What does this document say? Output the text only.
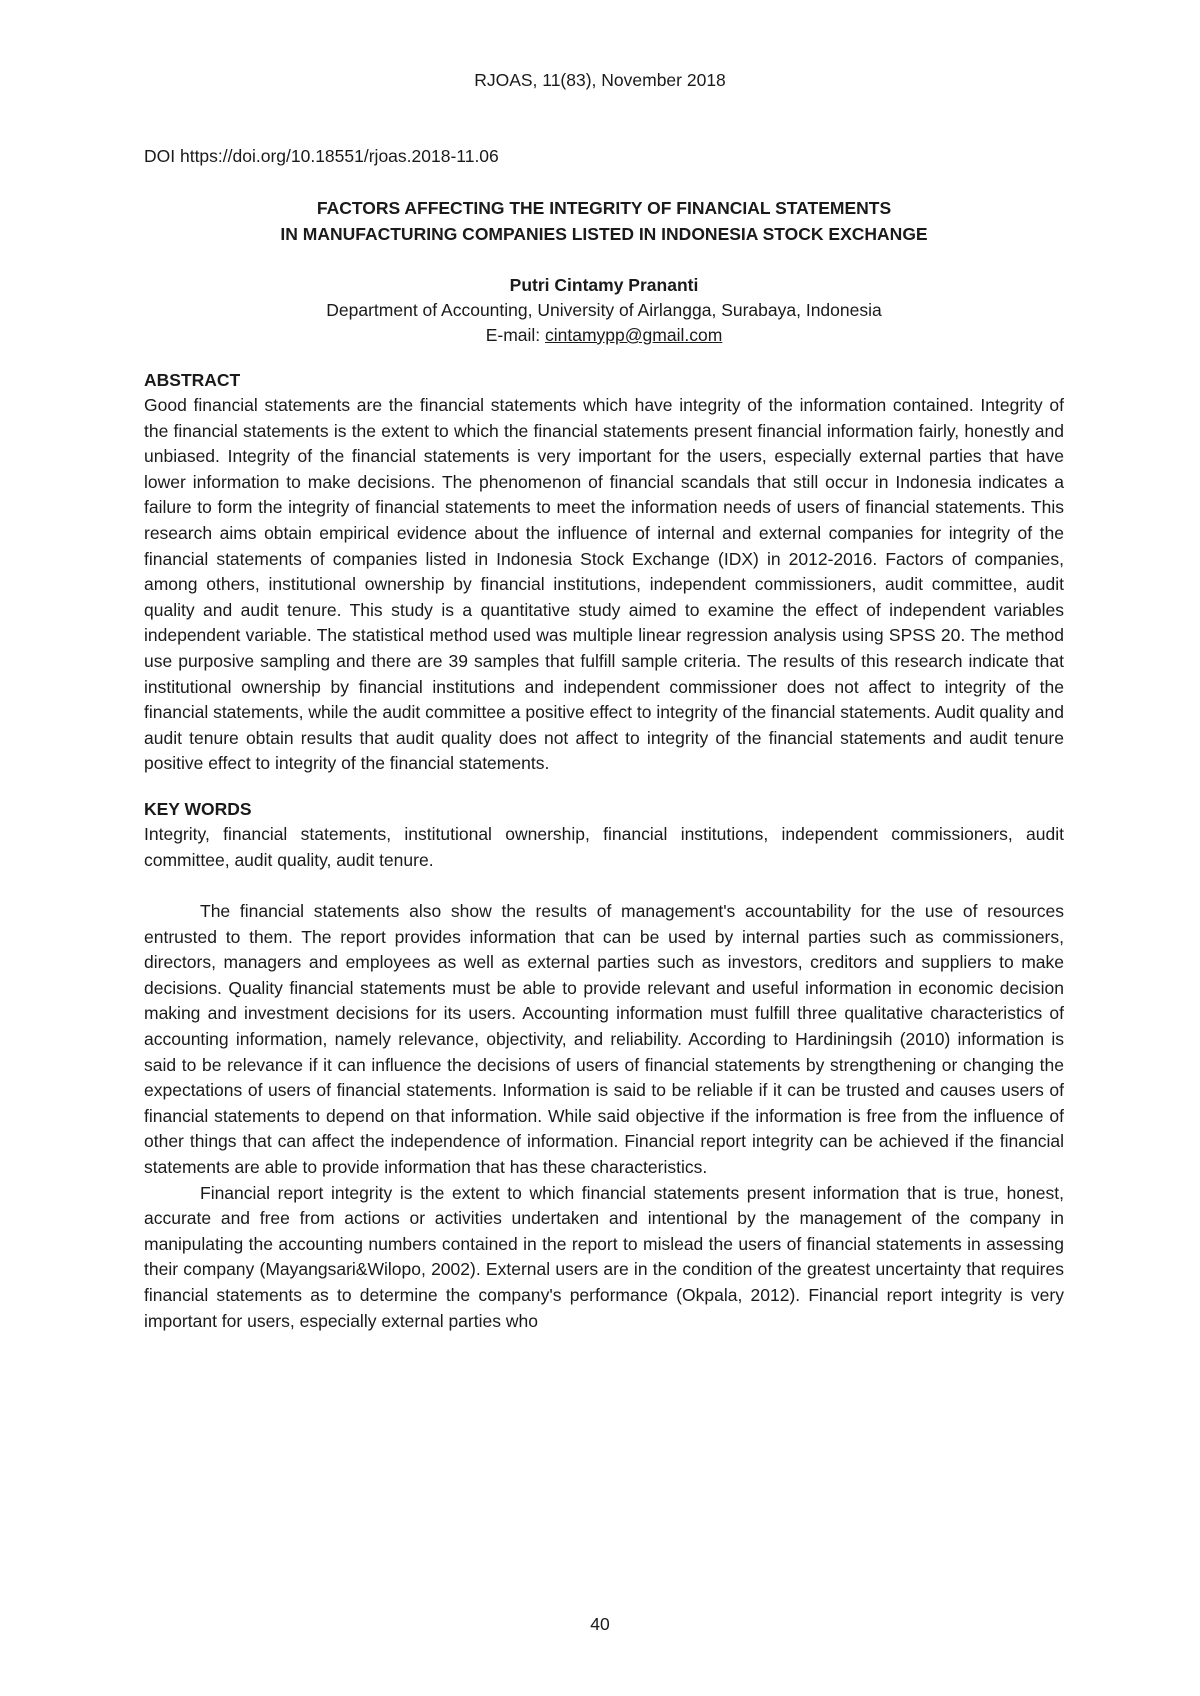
RJOAS, 11(83), November 2018

DOI https://doi.org/10.18551/rjoas.2018-11.06

FACTORS AFFECTING THE INTEGRITY OF FINANCIAL STATEMENTS
IN MANUFACTURING COMPANIES LISTED IN INDONESIA STOCK EXCHANGE
Putri Cintamy Prananti
Department of Accounting, University of Airlangga, Surabaya, Indonesia
E-mail: cintamypp@gmail.com

ABSTRACT

Good financial statements are the financial statements which have integrity of the information contained. Integrity of the financial statements is the extent to which the financial statements present financial information fairly, honestly and unbiased. Integrity of the financial statements is very important for the users, especially external parties that have lower information to make decisions. The phenomenon of financial scandals that still occur in Indonesia indicates a failure to form the integrity of financial statements to meet the information needs of users of financial statements. This research aims obtain empirical evidence about the influence of internal and external companies for integrity of the financial statements of companies listed in Indonesia Stock Exchange (IDX) in 2012-2016. Factors of companies, among others, institutional ownership by financial institutions, independent commissioners, audit committee, audit quality and audit tenure. This study is a quantitative study aimed to examine the effect of independent variables independent variable. The statistical method used was multiple linear regression analysis using SPSS 20. The method use purposive sampling and there are 39 samples that fulfill sample criteria. The results of this research indicate that institutional ownership by financial institutions and independent commissioner does not affect to integrity of the financial statements, while the audit committee a positive effect to integrity of the financial statements. Audit quality and audit tenure obtain results that audit quality does not affect to integrity of the financial statements and audit tenure positive effect to integrity of the financial statements.

KEY WORDS

Integrity, financial statements, institutional ownership, financial institutions, independent commissioners, audit committee, audit quality, audit tenure.

The financial statements also show the results of management's accountability for the use of resources entrusted to them. The report provides information that can be used by internal parties such as commissioners, directors, managers and employees as well as external parties such as investors, creditors and suppliers to make decisions. Quality financial statements must be able to provide relevant and useful information in economic decision making and investment decisions for its users. Accounting information must fulfill three qualitative characteristics of accounting information, namely relevance, objectivity, and reliability. According to Hardiningsih (2010) information is said to be relevance if it can influence the decisions of users of financial statements by strengthening or changing the expectations of users of financial statements. Information is said to be reliable if it can be trusted and causes users of financial statements to depend on that information. While said objective if the information is free from the influence of other things that can affect the independence of information. Financial report integrity can be achieved if the financial statements are able to provide information that has these characteristics.

Financial report integrity is the extent to which financial statements present information that is true, honest, accurate and free from actions or activities undertaken and intentional by the management of the company in manipulating the accounting numbers contained in the report to mislead the users of financial statements in assessing their company (Mayangsari&Wilopo, 2002). External users are in the condition of the greatest uncertainty that requires financial statements as to determine the company's performance (Okpala, 2012). Financial report integrity is very important for users, especially external parties who

40
